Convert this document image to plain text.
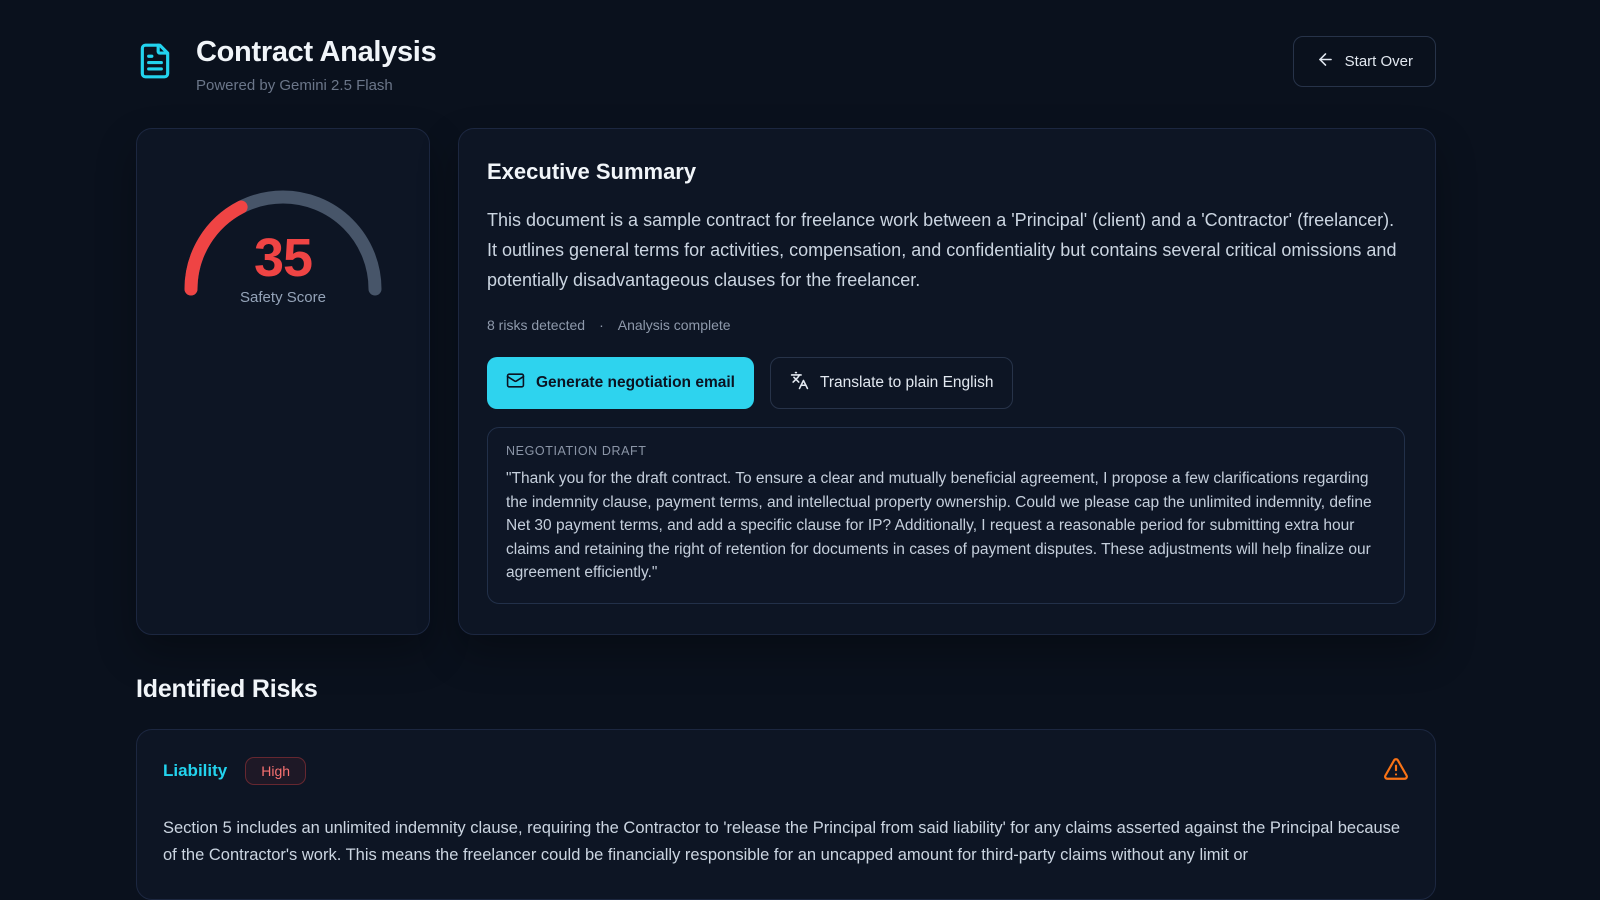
Contract Analysis
Powered by Gemini 2.5 Flash
Start Over
35
Safety Score
Executive Summary
This document is a sample contract for freelance work between a 'Principal' (client) and a 'Contractor' (freelancer). It outlines general terms for activities, compensation, and confidentiality but contains several critical omissions and potentially disadvantageous clauses for the freelancer.
8 risks detected · Analysis complete
Generate negotiation email	Translate to plain English
NEGOTIATION DRAFT
"Thank you for the draft contract. To ensure a clear and mutually beneficial agreement, I propose a few clarifications regarding the indemnity clause, payment terms, and intellectual property ownership. Could we please cap the unlimited indemnity, define Net 30 payment terms, and add a specific clause for IP? Additionally, I request a reasonable period for submitting extra hour claims and retaining the right of retention for documents in cases of payment disputes. These adjustments will help finalize our agreement efficiently."
Identified Risks
Liability	High
Section 5 includes an unlimited indemnity clause, requiring the Contractor to 'release the Principal from said liability' for any claims asserted against the Principal because of the Contractor's work. This means the freelancer could be financially responsible for an uncapped amount for third-party claims without any limit or
